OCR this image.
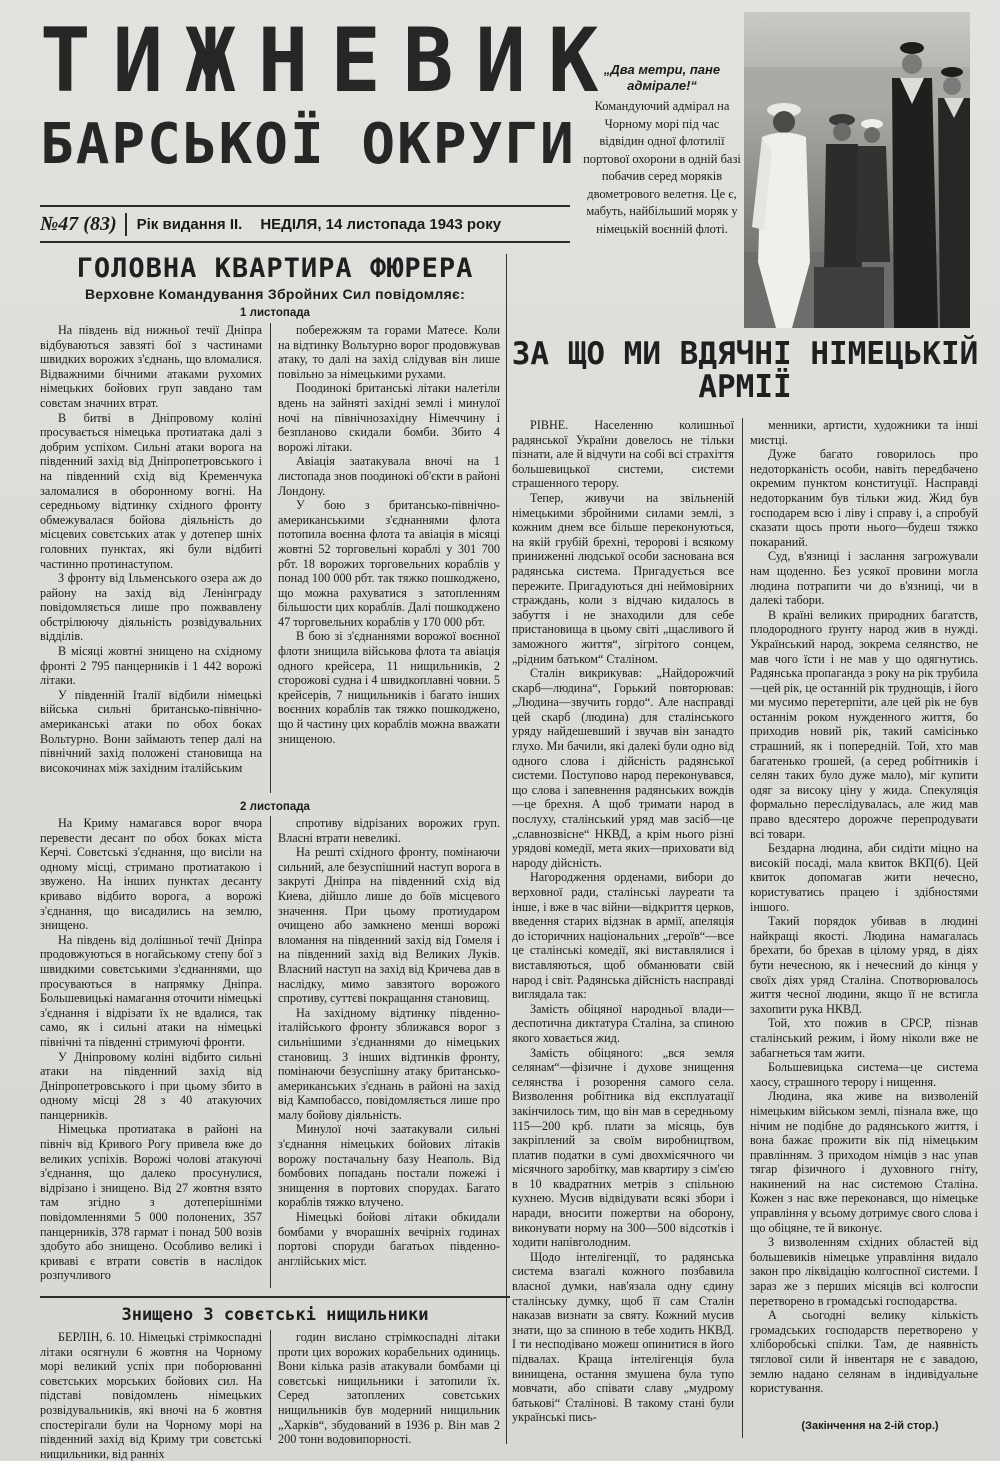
ТИЖНЕВИК
БАРСЬКОЇ ОКРУГИ
№47 (83)	Рік видання ІІ.	НЕДІЛЯ, 14 листопада 1943 року
„Два метри, пане адмірале!“
Командуючий адмірал на Чорному морі під час відвідин одної флотилії портової охорони в одній базі побачив серед моряків двометрового велетня. Це є, мабуть, найбільший моряк у німецькій воєнній флоті.
ГОЛОВНА КВАРТИРА ФЮРЕРА
Верховне Командування Збройних Сил повідомляє:
1 листопада

На південь від нижньої течії Дніпра відбуваються завзяті бої з частинами швидких ворожих з'єднань, що вломалися. Відважними бічними атаками рухомих німецьких бойових груп завдано там совєтам значних втрат.

В битві в Дніпровому коліні просувається німецька протиатака далі з добрим успіхом. Сильні атаки ворога на південний захід від Дніпропетровського і на південний схід від Кременчука заломалися в оборонному вогні. На середньому відтинку східного фронту обмежувалася бойова діяльність до місцевих совєтських атак у дотепер шніх головних пунктах, які були відбиті частинно протинаступом.

З фронту від Ільменського озера аж до району на захід від Ленінграду повідомляється лише про пожвавлену обстрілюючу діяльність розвідувальних відділів.

В місяці жовтні знищено на східному фронті 2 795 панцерників і 1 442 ворожі літаки.

У південній Італії відбили німецькі війська сильні британсько-північно-американські атаки по обох боках Вольтурно. Вони займають тепер далі на північний захід положені становища на високочинах між західним італійським

побережжям та горами Матесе. Коли на відтинку Вольтурно ворог продовжував атаку, то далі на захід слідував він лише повільно за німецькими рухами.

Поодинокі британські літаки налетіли вдень на зайняті західні землі і минулої ночі на північнозахідну Німеччину і безпланово скидали бомби. Збито 4 ворожі літаки.

Авіація заатакувала вночі на 1 листопада знов поодинокі об'єкти в районі Лондону.

У бою з британсько-північно-американськими з'єднаннями флота потопила воєнна флота та авіація в місяці жовтні 52 торговельні кораблі у 301 700 рбт. 18 ворожих торговельних кораблів у понад 100 000 рбт. так тяжко пошкоджено, що можна рахуватися з затопленням більшости цих кораблів. Далі пошкоджено 47 торговельних кораблів у 170 000 рбт.

В бою зі з'єднаннями ворожої воєнної флоти знищила військова флота та авіація одного крейсера, 11 нищильників, 2 сторожові судна і 4 швидкоплавні човни. 5 крейсерів, 7 нищильників і багато інших воєнних кораблів так тяжко пошкоджено, що й частину цих кораблів можна вважати знищеною.

2 листопада

На Криму намагався ворог вчора перевести десант по обох боках міста Керчі. Совєтські з'єднання, що висіли на одному місці, стримано протиатакою і звужено. На інших пунктах десанту криваво відбито ворога, а ворожі з'єднання, що висадились на землю, знищено.

На південь від долішньої течії Дніпра продовжуються в ногайському степу бої з швидкими совєтськими з'єднаннями, що просуваються в напрямку Дніпра. Большевицькі намагання оточити німецькі з'єднання і відрізати їх не вдалися, так само, як і сильні атаки на німецькі північні та південні стримуючі фронти.

У Дніпровому коліні відбито сильні атаки на південний захід від Дніпропетровського і при цьому збито в одному місці 28 з 40 атакуючих панцерників.

Німецька протиатака в районі на північ від Кривого Рогу привела вже до великих успіхів. Ворожі чолові атакуючі з'єднання, що далеко просунулися, відрізано і знищено. Від 27 жовтня взято там згідно з дотеперішніми повідомленнями 5 000 полонених, 357 панцерників, 378 гармат і понад 500 возів здобуто або знищено. Особливо великі і криваві є втрати совєтів в наслідок розпучливого

спротиву відрізаних ворожих груп. Власні втрати невеликі.

На решті східного фронту, помінаючи сильний, але безуспішний наступ ворога в закруті Дніпра на південний схід від Киева, дійшло лише до боїв місцевого значення. При цьому протиударом очищено або замкнено менші ворожі вломання на південний захід від Гомеля і на південний захід від Великих Луків. Власний наступ на захід від Кричева дав в наслідку, мимо завзятого ворожого спротиву, суттєві покращання становищ.

На західному відтинку південно-італійського фронту зближався ворог з сильнішими з'єднаннями до німецьких становищ. З інших відтинків фронту, помінаючи безуспішну атаку британсько-американських з'єднань в районі на захід від Кампобассо, повідомляється лише про малу бойову діяльність.

Минулої ночі заатакували сильні з'єднання німецьких бойових літаків ворожу постачальну базу Неаполь. Від бомбових попадань постали пожежі і знищення в портових спорудах. Багато кораблів тяжко влучено.

Німецькі бойові літаки обкидали бомбами у вчорашніх вечірніх годинах портові споруди багатьох південно-англійських міст.

Знищено 3 совєтські нищильники

БЕРЛІН, 6. 10. Німецькі стрімкоспадні літаки осягнули 6 жовтня на Чорному морі великий успіх при поборюванні совєтських морських бойових сил. На підставі повідомлень німецьких розвідувальників, які вночі на 6 жовтня спостерігали були на Чорному морі на південний захід від Криму три совєтські нищильники, від ранніх

годин вислано стрімкоспадні літаки проти цих ворожих корабельних одиниць. Вони кілька разів атакували бомбами ці совєтські нищильники і затопили їх. Серед затоплених совєтських нищильників був модерний нищильник „Харків“, збудований в 1936 р. Він мав 2 200 тонн водовипорності.

ЗА ЩО МИ ВДЯЧНІ НІМЕЦЬКІЙ АРМІЇ

РІВНЕ. Населенню колишньої радянської України довелось не тільки пізнати, але й відчути на собі всі страхіття большевицької системи, системи страшенного терору.

Тепер, живучи на звільненій німецькими збройними силами землі, з кожним днем все більше переконуються, на якій грубій брехні, теророві і всякому приниженні людської особи заснована вся радянська система. Пригадується все пережите. Пригадуються дні неймовірних страждань, коли з відчаю кидалось в забуття і не знаходили для себе пристановища в цьому світі „щасливого й заможного життя“, зігрітого сонцем, „рідним батьком“ Сталіном.

Сталін викрикував: „Найдорожчий скарб—людина“, Горький повторював: „Людина—звучить гордо“. Але насправді цей скарб (людина) для сталінського уряду найдешевший і звучав він занадто глухо. Ми бачили, які далекі були одно від одного слова і дійсність радянської системи. Поступово народ переконувався, що слова і запевнення радянських вождів—це брехня. А щоб тримати народ в послуху, сталінський уряд мав засіб—це „славнозвісне“ НКВД, а крім нього різні урядові комедії, мета яких—приховати від народу дійсність.

Нагородження орденами, вибори до верховної ради, сталінські лауреати та інше, і вже в час війни—відкриття церков, введення старих відзнак в армії, апеляція до історичних національних „героїв“—все це сталінські комедії, які виставлялися і виставляються, щоб обманювати свій народ і світ. Радянська дійсність насправді виглядала так:

Замість обіцяної народньої влади—деспотична диктатура Сталіна, за спиною якого ховається жид.

Замість обіцяного: „вся земля селянам“—фізичне і духове знищення селянства і розорення самого села. Визволення робітника від експлуатації закінчилось тим, що він мав в середньому 115—200 крб. плати за місяць, був закріплений за своїм виробництвом, платив податки в сумі двохмісячного чи місячного заробітку, мав квартиру з сім'єю в 10 квадратних метрів з спільною кухнею. Мусив відвідувати всякі збори і наради, вносити пожертви на оборону, виконувати норму на 300—500 відсотків і ходити напівголодним.

Щодо інтелігенції, то радянська система взагалі кожного позбавила власної думки, нав'язала одну єдину сталінську думку, щоб її сам Сталін наказав визнати за святу. Кожний мусив знати, що за спиною в тебе ходить НКВД. І ти несподівано можеш опинитися в його підвалах. Краща інтелігенція була винищена, остання змушена була тупо мовчати, або співати славу „мудрому батькові“ Сталінові. В такому стані були українські пись-

менники, артисти, художники та інші мистці.

Дуже багато говорилось про недоторканість особи, навіть передбачено окремим пунктом конституції. Насправді недоторканим був тільки жид. Жид був господарем всю і ліву і справу і, а спробуй сказати щось проти нього—будеш тяжко покараний.

Суд, в'язниці і заслання загрожували нам щоденно. Без усякої провини могла людина потрапити чи до в'язниці, чи в далекі табори.

В країні великих природних багатств, плодородного ґрунту народ жив в нужді. Український народ, зокрема селянство, не мав чого їсти і не мав у що одягнутись. Радянська пропаганда з року на рік трубила—цей рік, це останній рік труднощів, і його ми мусимо перетерпіти, але цей рік не був останнім роком нужденного життя, бо приходив новий рік, такий самісінько страшний, як і попередній. Той, хто мав багатенько грошей, (а серед робітників і селян таких було дуже мало), міг купити одяг за високу ціну у жида. Спекуляція формально переслідувалась, але жид мав право вдесятеро дорожче перепродувати всі товари.

Бездарна людина, аби сидіти міцно на високій посаді, мала квиток ВКП(б). Цей квиток допомагав жити нечесно, користуватись працею і здібностями іншого.

Такий порядок убивав в людині найкращі якості. Людина намагалась брехати, бо брехав в цілому уряд, в діях бути нечесною, як і нечесний до кінця у своїх діях уряд Сталіна. Спотворювалось життя чесної людини, якщо її не встигла захопити рука НКВД.

Той, хто пожив в СРСР, пізнав сталінський режим, і йому ніколи вже не забагнеться там жити.

Большевицька система—це система хаосу, страшного терору і нищення.

Людина, яка живе на визволеній німецьким військом землі, пізнала вже, що нічим не подібне до радянського життя, і вона бажає прожити вік під німецьким правлінням. З приходом німців з нас упав тягар фізичного і духовного гніту, накинений на нас системою Сталіна. Кожен з нас вже переконався, що німецьке управління у всьому дотримує свого слова і що обіцяне, те й виконує.

З визволенням східних областей від большевиків німецьке управління видало закон про ліквідацію колгоспної системи. І зараз же з перших місяців всі колгоспи перетворено в громадські господарства.

А сьогодні велику кількість громадських господарств перетворено у хліборобські спілки. Там, де наявність тяглової сили й інвентаря не є завадою, землю надано селянам в індивідуальне користування.

(Закінчення на 2-ій стор.)
